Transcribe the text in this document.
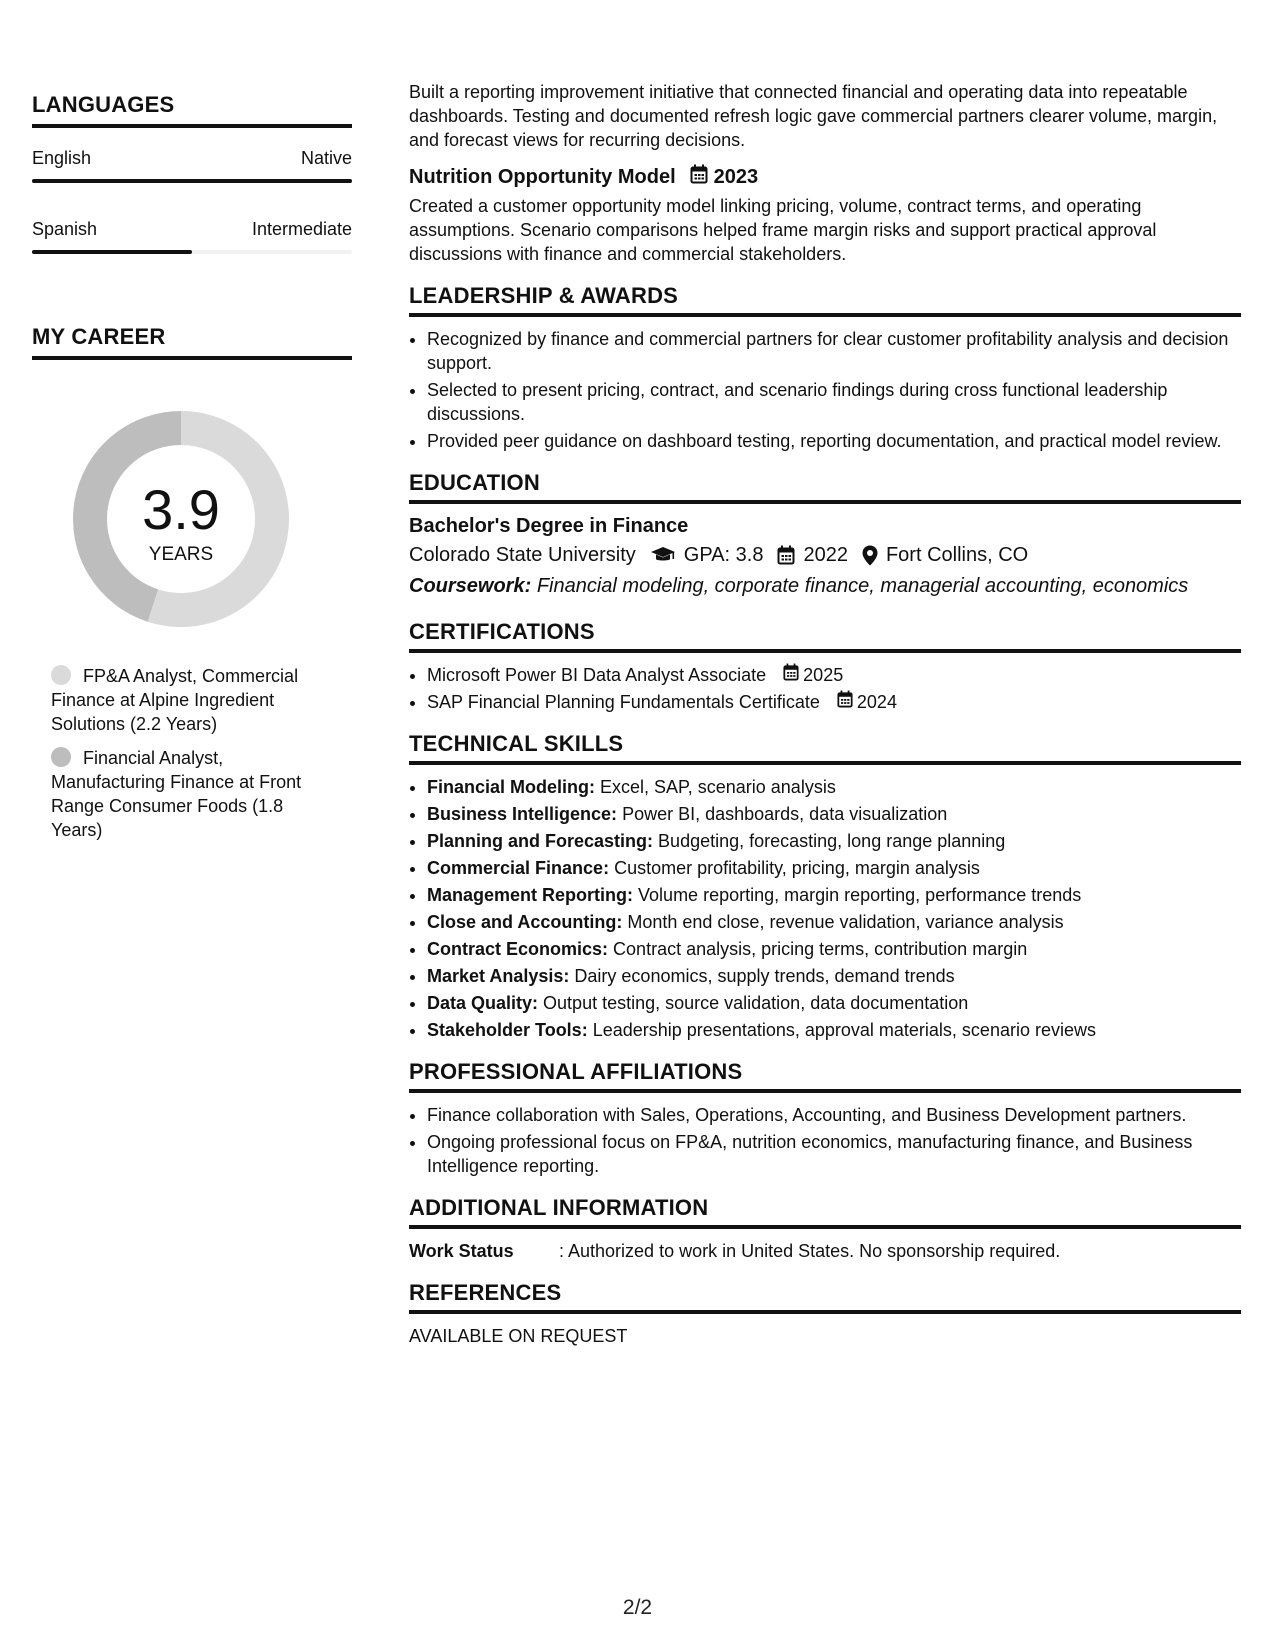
LANGUAGES
English	Native
Spanish	Intermediate
MY CAREER
3.9
YEARS
FP&A Analyst, Commercial Finance at Alpine Ingredient Solutions (2.2 Years)
Financial Analyst, Manufacturing Finance at Front Range Consumer Foods (1.8 Years)

Built a reporting improvement initiative that connected financial and operating data into repeatable dashboards. Testing and documented refresh logic gave commercial partners clearer volume, margin, and forecast views for recurring decisions.

Nutrition Opportunity Model 2023

Created a customer opportunity model linking pricing, volume, contract terms, and operating assumptions. Scenario comparisons helped frame margin risks and support practical approval discussions with finance and commercial stakeholders.

LEADERSHIP & AWARDS
• Recognized by finance and commercial partners for clear customer profitability analysis and decision support.
• Selected to present pricing, contract, and scenario findings during cross functional leadership discussions.
• Provided peer guidance on dashboard testing, reporting documentation, and practical model review.
EDUCATION
Bachelor's Degree in Finance
Colorado State University GPA: 3.8 2022 Fort Collins, CO
Coursework: Financial modeling, corporate finance, managerial accounting, economics
CERTIFICATIONS
• Microsoft Power BI Data Analyst Associate 2025
• SAP Financial Planning Fundamentals Certificate 2024
TECHNICAL SKILLS
• Financial Modeling: Excel, SAP, scenario analysis
• Business Intelligence: Power BI, dashboards, data visualization
• Planning and Forecasting: Budgeting, forecasting, long range planning
• Commercial Finance: Customer profitability, pricing, margin analysis
• Management Reporting: Volume reporting, margin reporting, performance trends
• Close and Accounting: Month end close, revenue validation, variance analysis
• Contract Economics: Contract analysis, pricing terms, contribution margin
• Market Analysis: Dairy economics, supply trends, demand trends
• Data Quality: Output testing, source validation, data documentation
• Stakeholder Tools: Leadership presentations, approval materials, scenario reviews
PROFESSIONAL AFFILIATIONS
• Finance collaboration with Sales, Operations, Accounting, and Business Development partners.
• Ongoing professional focus on FP&A, nutrition economics, manufacturing finance, and Business Intelligence reporting.
ADDITIONAL INFORMATION
Work Status	: Authorized to work in United States. No sponsorship required.
REFERENCES
AVAILABLE ON REQUEST
2/2
